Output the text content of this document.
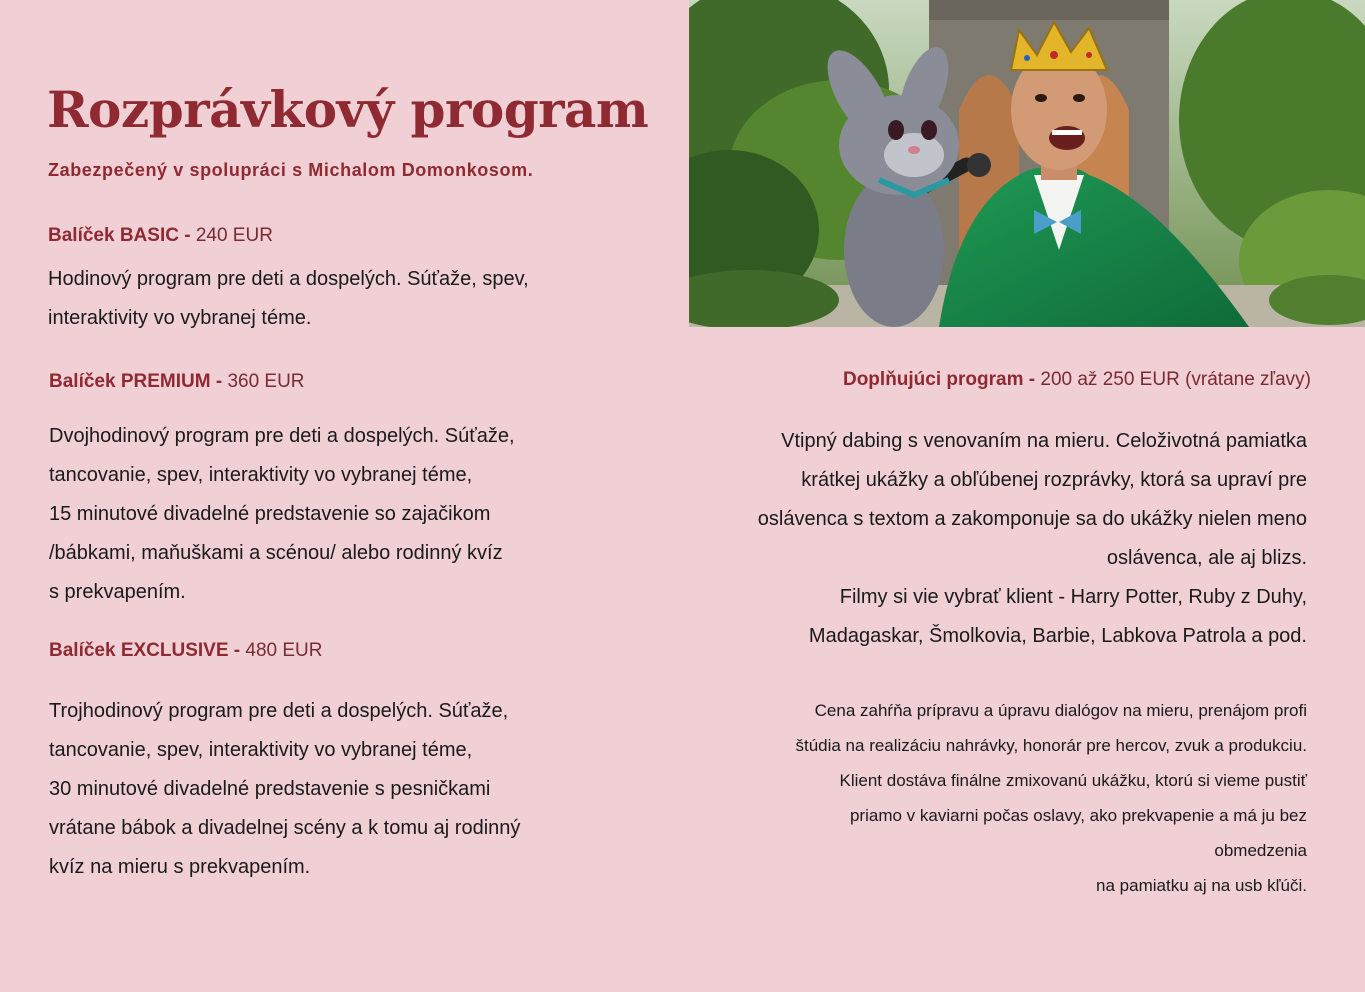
Rozprávkový program
Zabezpečený v spolupráci s Michalom Domonkosom.
Balíček BASIC - 240 EUR
Hodinový program pre deti a dospelých. Súťaže, spev,
interaktivity vo vybranej téme.
Balíček PREMIUM - 360 EUR
Dvojhodinový program pre deti a dospelých. Súťaže,
tancovanie, spev, interaktivity vo vybranej téme,
15 minutové divadelné predstavenie so zajačikom
/bábkami, maňuškami a scénou/ alebo rodinný kvíz
s prekvapením.
Balíček EXCLUSIVE - 480 EUR
Trojhodinový program pre deti a dospelých. Súťaže,
tancovanie, spev, interaktivity vo vybranej téme,
30 minutové divadelné predstavenie s pesničkami
vrátane bábok a divadelnej scény a k tomu aj rodinný
kvíz na mieru s prekvapením.
Doplňujúci program - 200 až 250 EUR (vrátane zľavy)
Vtipný dabing s venovaním na mieru. Celoživotná pamiatka
krátkej ukážky a obľúbenej rozprávky, ktorá sa upraví pre
oslávenca s textom a zakomponuje sa do ukážky nielen meno
oslávenca, ale aj blizs.
Filmy si vie vybrať klient - Harry Potter, Ruby z Duhy,
Madagaskar, Šmolkovia, Barbie, Labkova Patrola a pod.
Cena zahŕňa prípravu a úpravu dialógov na mieru, prenájom profi
štúdia na realizáciu nahrávky, honorár pre hercov, zvuk a produkciu.
Klient dostáva finálne zmixovanú ukážku, ktorú si vieme pustiť
priamo v kaviarni počas oslavy, ako prekvapenie a má ju bez
obmedzenia
na pamiatku aj na usb kľúči.
